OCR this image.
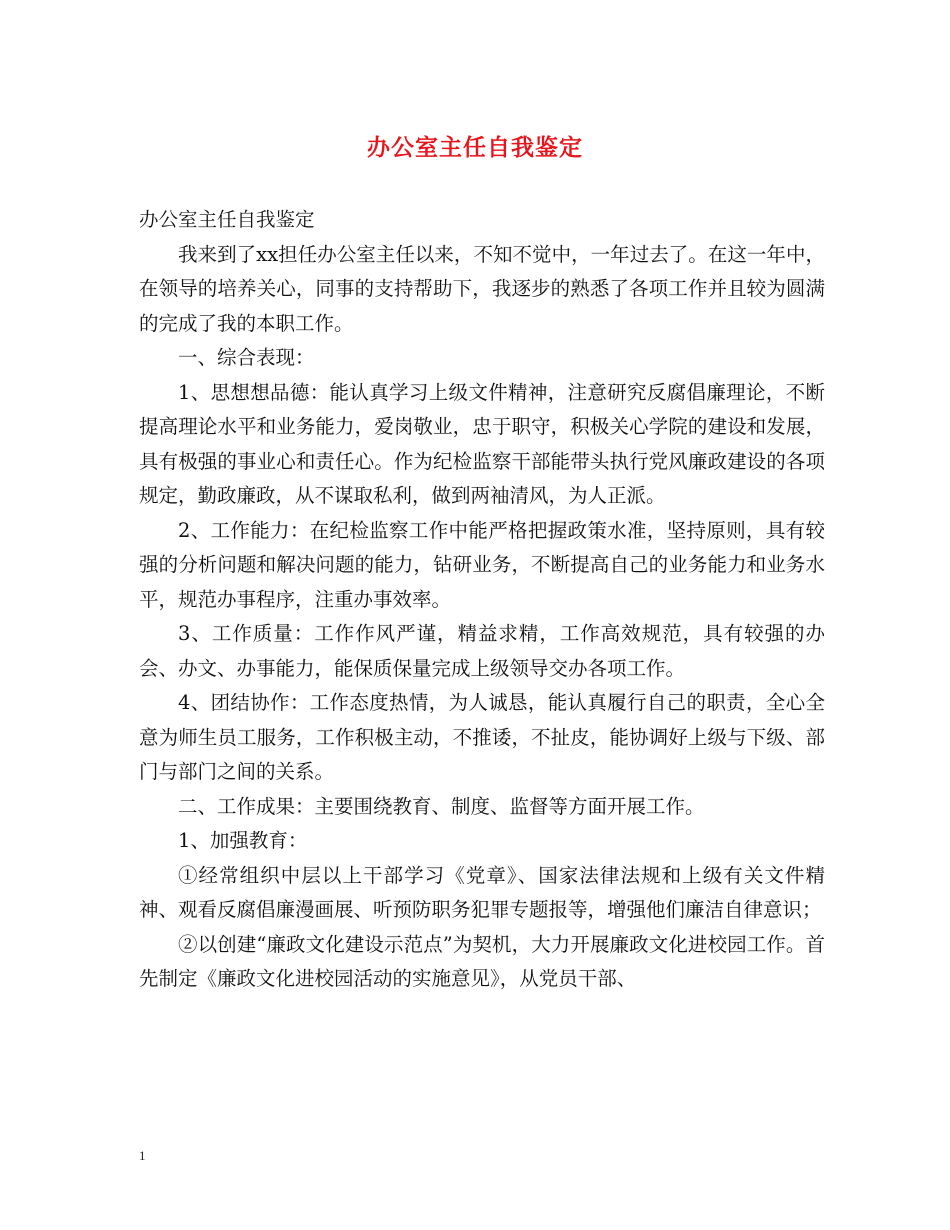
办公室主任自我鉴定

办公室主任自我鉴定

我来到了xx担任办公室主任以来，不知不觉中，一年过去了。在这一年中，在领导的培养关心，同事的支持帮助下，我逐步的熟悉了各项工作并且较为圆满的完成了我的本职工作。

一、综合表现：

1、思想想品德：能认真学习上级文件精神，注意研究反腐倡廉理论，不断提高理论水平和业务能力，爱岗敬业，忠于职守，积极关心学院的建设和发展，具有极强的事业心和责任心。作为纪检监察干部能带头执行党风廉政建设的各项规定，勤政廉政，从不谋取私利，做到两袖清风，为人正派。

2、工作能力：在纪检监察工作中能严格把握政策水准，坚持原则，具有较强的分析问题和解决问题的能力，钻研业务，不断提高自己的业务能力和业务水平，规范办事程序，注重办事效率。

3、工作质量：工作作风严谨，精益求精，工作高效规范，具有较强的办会、办文、办事能力，能保质保量完成上级领导交办各项工作。

4、团结协作：工作态度热情，为人诚恳，能认真履行自己的职责，全心全意为师生员工服务，工作积极主动，不推诿，不扯皮，能协调好上级与下级、部门与部门之间的关系。

二、工作成果：主要围绕教育、制度、监督等方面开展工作。

1、加强教育：

①经常组织中层以上干部学习《党章》、国家法律法规和上级有关文件精神、观看反腐倡廉漫画展、听预防职务犯罪专题报等，增强他们廉洁自律意识；

②以创建“廉政文化建设示范点”为契机，大力开展廉政文化进校园工作。首先制定《廉政文化进校园活动的实施意见》，从党员干部、

1
